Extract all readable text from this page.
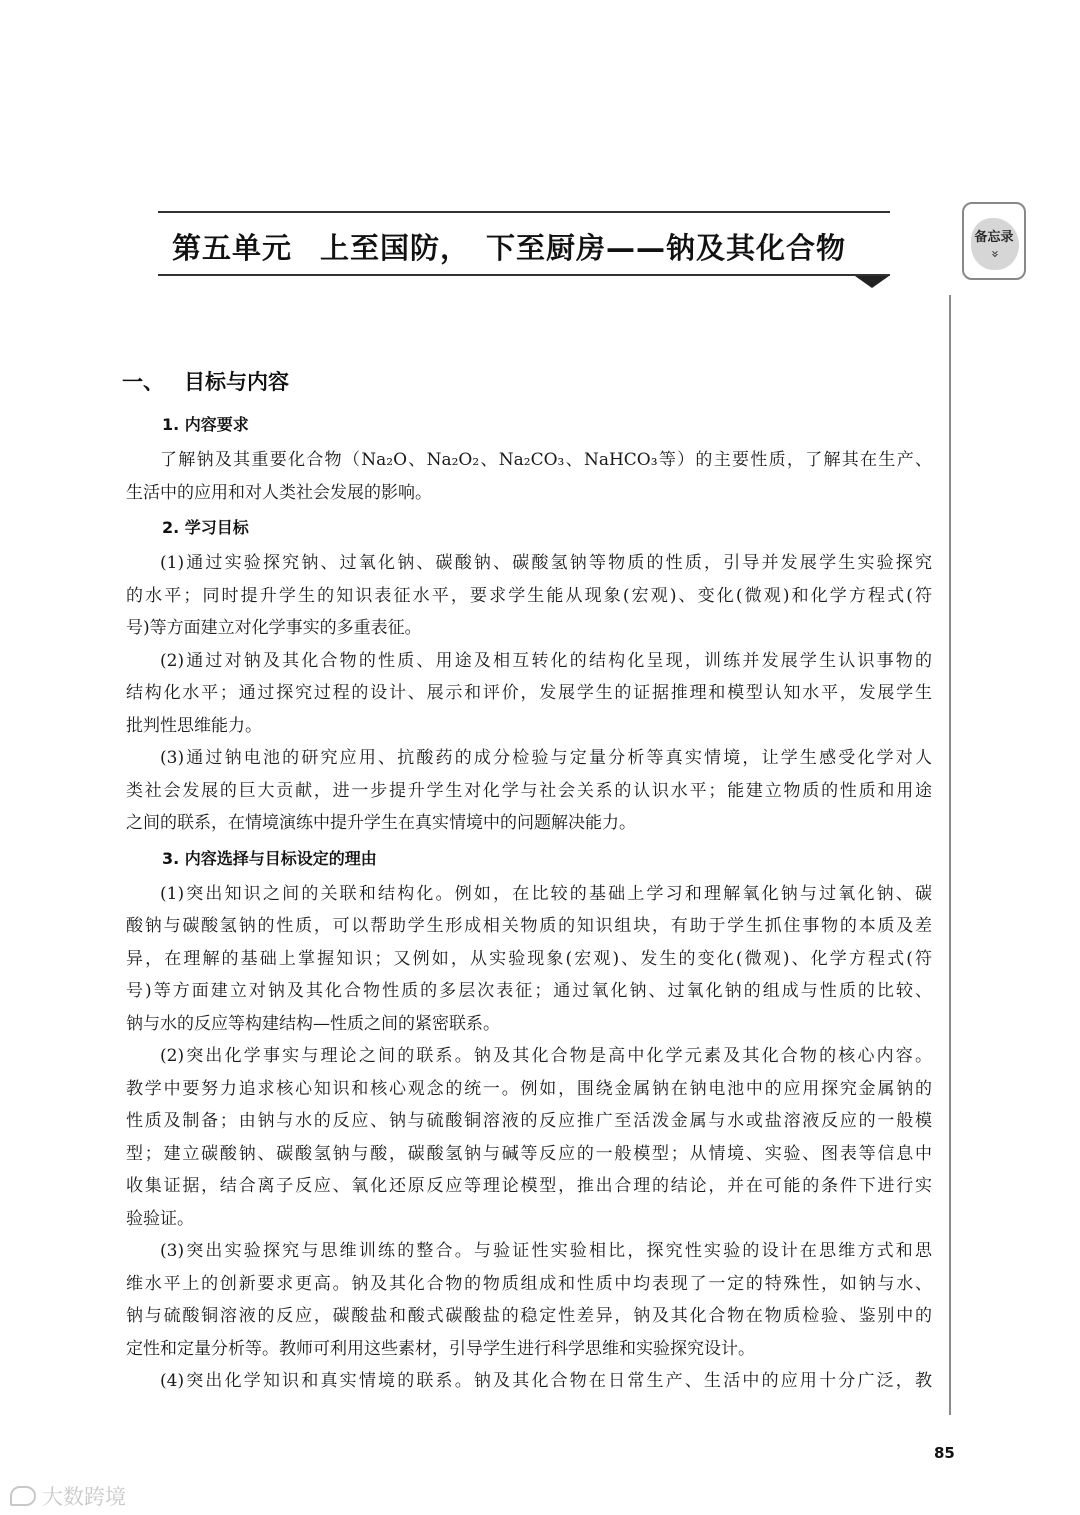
备忘录
»
第五单元 上至国防， 下至厨房——钠及其化合物
一、 目标与内容
1. 内容要求

了解钠及其重要化合物（Na₂O、Na₂O₂、Na₂CO₃、NaHCO₃等）的主要性质，了解其在生产、
生活中的应用和对人类社会发展的影响。

2. 学习目标

(1)通过实验探究钠、过氧化钠、碳酸钠、碳酸氢钠等物质的性质，引导并发展学生实验探究
的水平；同时提升学生的知识表征水平，要求学生能从现象(宏观)、变化(微观)和化学方程式(符
号)等方面建立对化学事实的多重表征。

(2)通过对钠及其化合物的性质、用途及相互转化的结构化呈现，训练并发展学生认识事物的
结构化水平；通过探究过程的设计、展示和评价，发展学生的证据推理和模型认知水平，发展学生
批判性思维能力。

(3)通过钠电池的研究应用、抗酸药的成分检验与定量分析等真实情境，让学生感受化学对人
类社会发展的巨大贡献，进一步提升学生对化学与社会关系的认识水平；能建立物质的性质和用途
之间的联系，在情境演练中提升学生在真实情境中的问题解决能力。

3. 内容选择与目标设定的理由

(1)突出知识之间的关联和结构化。例如，在比较的基础上学习和理解氧化钠与过氧化钠、碳
酸钠与碳酸氢钠的性质，可以帮助学生形成相关物质的知识组块，有助于学生抓住事物的本质及差
异，在理解的基础上掌握知识；又例如，从实验现象(宏观)、发生的变化(微观)、化学方程式(符
号)等方面建立对钠及其化合物性质的多层次表征；通过氧化钠、过氧化钠的组成与性质的比较、
钠与水的反应等构建结构—性质之间的紧密联系。

(2)突出化学事实与理论之间的联系。钠及其化合物是高中化学元素及其化合物的核心内容。
教学中要努力追求核心知识和核心观念的统一。例如，围绕金属钠在钠电池中的应用探究金属钠的
性质及制备；由钠与水的反应、钠与硫酸铜溶液的反应推广至活泼金属与水或盐溶液反应的一般模
型；建立碳酸钠、碳酸氢钠与酸，碳酸氢钠与碱等反应的一般模型；从情境、实验、图表等信息中
收集证据，结合离子反应、氧化还原反应等理论模型，推出合理的结论，并在可能的条件下进行实
验验证。

(3)突出实验探究与思维训练的整合。与验证性实验相比，探究性实验的设计在思维方式和思
维水平上的创新要求更高。钠及其化合物的物质组成和性质中均表现了一定的特殊性，如钠与水、
钠与硫酸铜溶液的反应，碳酸盐和酸式碳酸盐的稳定性差异，钠及其化合物在物质检验、鉴别中的
定性和定量分析等。教师可利用这些素材，引导学生进行科学思维和实验探究设计。

(4)突出化学知识和真实情境的联系。钠及其化合物在日常生产、生活中的应用十分广泛，教

85
大数跨境
